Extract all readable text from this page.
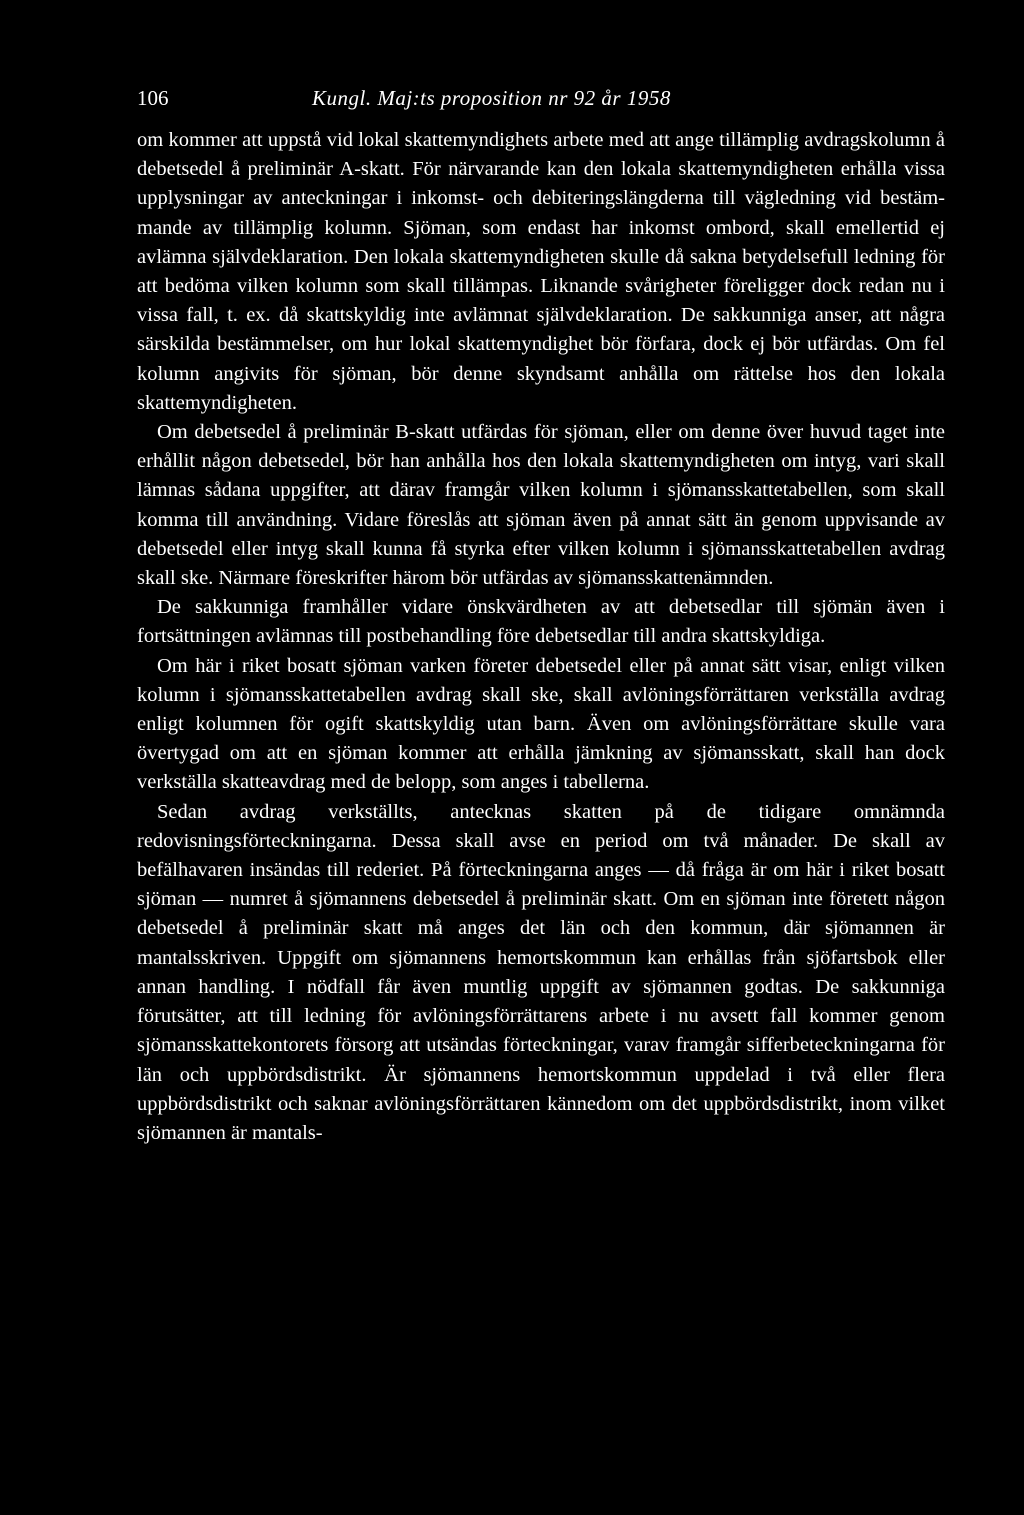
106	Kungl. Maj:ts proposition nr 92 år 1958

om kommer att uppstå vid lokal skattemyndighets arbete med att ange tillämplig avdragskolumn å debetsedel å preliminär A-skatt. För närvarande kan den lokala skattemyndigheten erhålla vissa upplysningar av anteckningar i inkomst- och debiteringslängderna till vägledning vid bestämmande av tillämplig kolumn. Sjöman, som endast har inkomst ombord, skall emellertid ej avlämna självdeklaration. Den lokala skattemyndigheten skulle då sakna betydelsefull ledning för att bedöma vilken kolumn som skall tillämpas. Liknande svårigheter föreligger dock redan nu i vissa fall, t. ex. då skattskyldig inte avlämnat självdeklaration. De sakkunniga anser, att några särskilda bestämmelser, om hur lokal skattemyndighet bör förfara, dock ej bör utfärdas. Om fel kolumn angivits för sjöman, bör denne skyndsamt anhålla om rättelse hos den lokala skattemyndigheten.

Om debetsedel å preliminär B-skatt utfärdas för sjöman, eller om denne över huvud taget inte erhållit någon debetsedel, bör han anhålla hos den lokala skattemyndigheten om intyg, vari skall lämnas sådana uppgifter, att därav framgår vilken kolumn i sjömansskattetabellen, som skall komma till användning. Vidare föreslås att sjöman även på annat sätt än genom uppvisande av debetsedel eller intyg skall kunna få styrka efter vilken kolumn i sjömansskattetabellen avdrag skall ske. Närmare föreskrifter härom bör utfärdas av sjömansskattenämnden.

De sakkunniga framhåller vidare önskvärdheten av att debetsedlar till sjömän även i fortsättningen avlämnas till postbehandling före debetsedlar till andra skattskyldiga.

Om här i riket bosatt sjöman varken företer debetsedel eller på annat sätt visar, enligt vilken kolumn i sjömansskattetabellen avdrag skall ske, skall avlöningsförrättaren verkställa avdrag enligt kolumnen för ogift skattskyldig utan barn. Även om avlöningsförrättare skulle vara övertygad om att en sjöman kommer att erhålla jämkning av sjömansskatt, skall han dock verkställa skatteavdrag med de belopp, som anges i tabellerna.

Sedan avdrag verkställts, antecknas skatten på de tidigare omnämnda redovisningsförteckningarna. Dessa skall avse en period om två månader. De skall av befälhavaren insändas till rederiet. På förteckningarna anges — då fråga är om här i riket bosatt sjöman — numret å sjömannens debetsedel å preliminär skatt. Om en sjöman inte företett någon debetsedel å preliminär skatt må anges det län och den kommun, där sjömannen är mantalsskriven. Uppgift om sjömannens hemortskommun kan erhållas från sjöfartsbok eller annan handling. I nödfall får även muntlig uppgift av sjömannen godtas. De sakkunniga förutsätter, att till ledning för avlöningsförrättarens arbete i nu avsett fall kommer genom sjömansskattekontorets försorg att utsändas förteckningar, varav framgår sifferbeteckningarna för län och uppbördsdistrikt. Är sjömannens hemortskommun uppdelad i två eller flera uppbördsdistrikt och saknar avlöningsförrättaren kännedom om det uppbördsdistrikt, inom vilket sjömannen är mantals-
